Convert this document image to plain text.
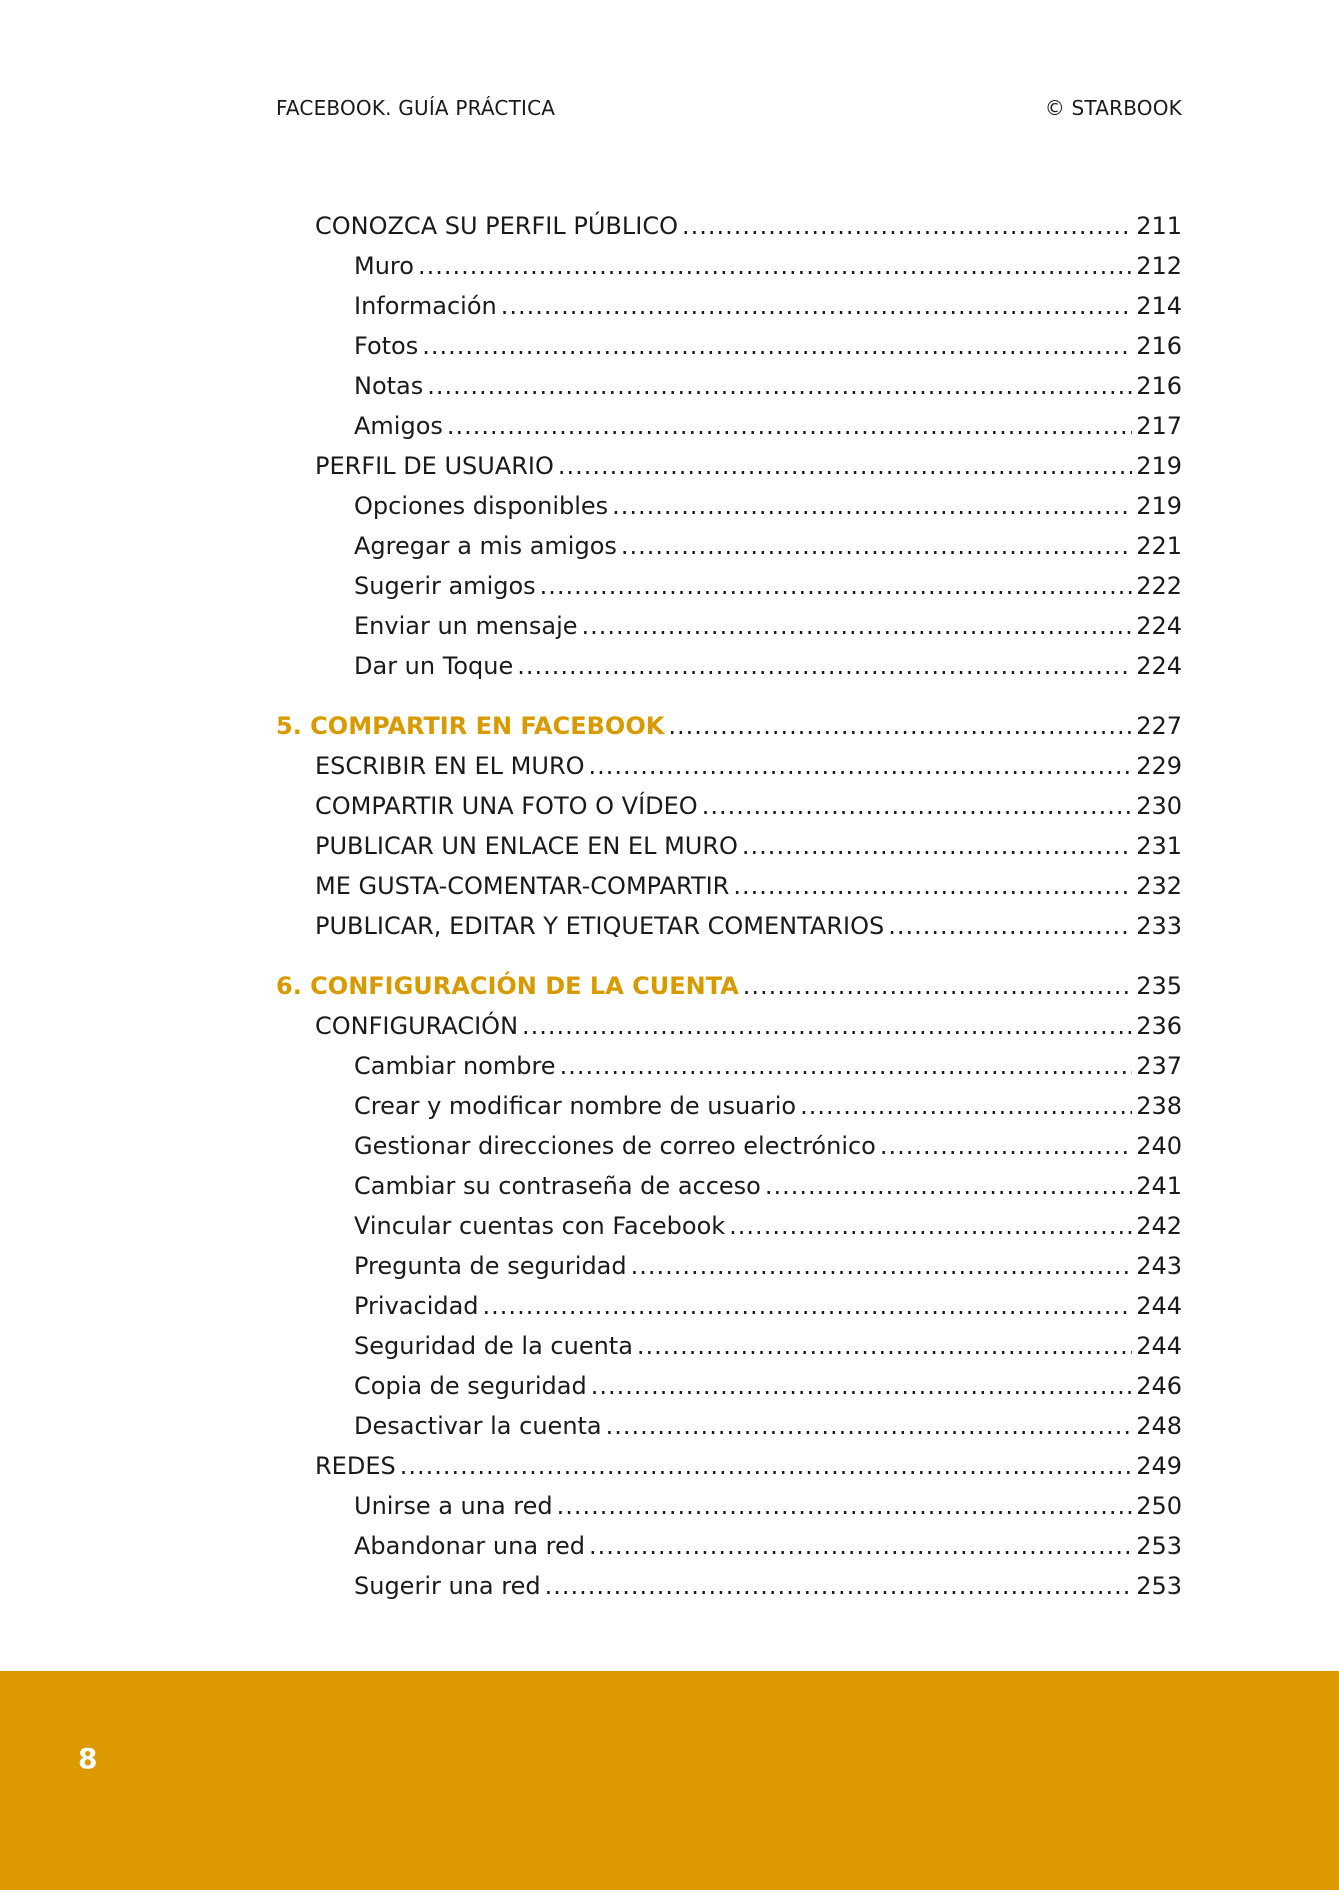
FACEBOOK. GUÍA PRÁCTICA	© STARBOOK
CONOZCA SU PERFIL PÚBLICO .....	211
Muro .....	212
Información .....	214
Fotos .....	216
Notas .....	216
Amigos .....	217
PERFIL DE USUARIO .....	219
Opciones disponibles .....	219
Agregar a mis amigos .....	221
Sugerir amigos .....	222
Enviar un mensaje .....	224
Dar un Toque .....	224
5. COMPARTIR EN FACEBOOK .....	227
ESCRIBIR EN EL MURO .....	229
COMPARTIR UNA FOTO O VÍDEO .....	230
PUBLICAR UN ENLACE EN EL MURO .....	231
ME GUSTA-COMENTAR-COMPARTIR .....	232
PUBLICAR, EDITAR Y ETIQUETAR COMENTARIOS .....	233
6. CONFIGURACIÓN DE LA CUENTA .....	235
CONFIGURACIÓN .....	236
Cambiar nombre .....	237
Crear y modificar nombre de usuario .....	238
Gestionar direcciones de correo electrónico .....	240
Cambiar su contraseña de acceso .....	241
Vincular cuentas con Facebook .....	242
Pregunta de seguridad .....	243
Privacidad .....	244
Seguridad de la cuenta .....	244
Copia de seguridad .....	246
Desactivar la cuenta .....	248
REDES .....	249
Unirse a una red .....	250
Abandonar una red .....	253
Sugerir una red .....	253
8
